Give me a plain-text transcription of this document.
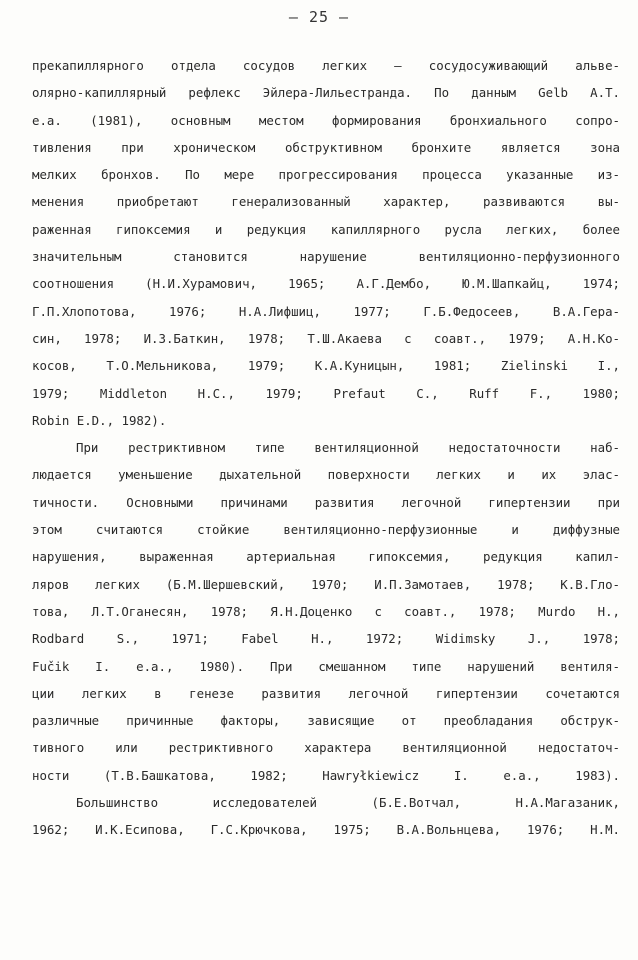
– 25 –
прекапиллярного отдела сосудов легких – сосудосуживающий альве-
олярно-капиллярный рефлекс Эйлера-Лильестранда. По данным Gelb A.T.
e.a. (1981), основным местом формирования бронхиального сопро-
тивления при хроническом обструктивном бронхите является зона
мелких бронхов. По мере прогрессирования процесса указанные из-
менения приобретают генерализованный характер, развиваются вы-
раженная гипоксемия и редукция капиллярного русла легких, более
значительным становится нарушение вентиляционно-перфузионного
соотношения (Н.И.Хурамович, 1965; А.Г.Дембо, Ю.М.Шапкайц, 1974;
Г.П.Хлопотова, 1976; Н.А.Лифшиц, 1977; Г.Б.Федосеев, В.А.Гера-
син, 1978; И.З.Баткин, 1978; Т.Ш.Акаева с соавт., 1979; А.Н.Ко-
косов, Т.О.Мельникова, 1979; К.А.Куницын, 1981; Zielinski I.,
1979; Middleton H.C., 1979; Prefaut C., Ruff F., 1980;
Robin E.D., 1982).
При рестриктивном типе вентиляционной недостаточности наб-
людается уменьшение дыхательной поверхности легких и их элас-
тичности. Основными причинами развития легочной гипертензии при
этом считаются стойкие вентиляционно-перфузионные и диффузные
нарушения, выраженная артериальная гипоксемия, редукция капил-
ляров легких (Б.М.Шершевский, 1970; И.П.Замотаев, 1978; К.В.Гло-
това, Л.Т.Оганесян, 1978; Я.Н.Доценко с соавт., 1978; Murdo H.,
Rodbard S., 1971; Fabel H., 1972; Widimsky J., 1978;
Fučik I. e.a., 1980). При смешанном типе нарушений вентиля-
ции легких в генезе развития легочной гипертензии сочетаются
различные причинные факторы, зависящие от преобладания обструк-
тивного или рестриктивного характера вентиляционной недостаточ-
ности (Т.В.Башкатова, 1982; Hawryłkiewicz I. e.a., 1983).
Большинство исследователей (Б.Е.Вотчал, Н.А.Магазаник,
1962; И.К.Есипова, Г.С.Крючкова, 1975; В.А.Вольнцева, 1976; Н.М.
